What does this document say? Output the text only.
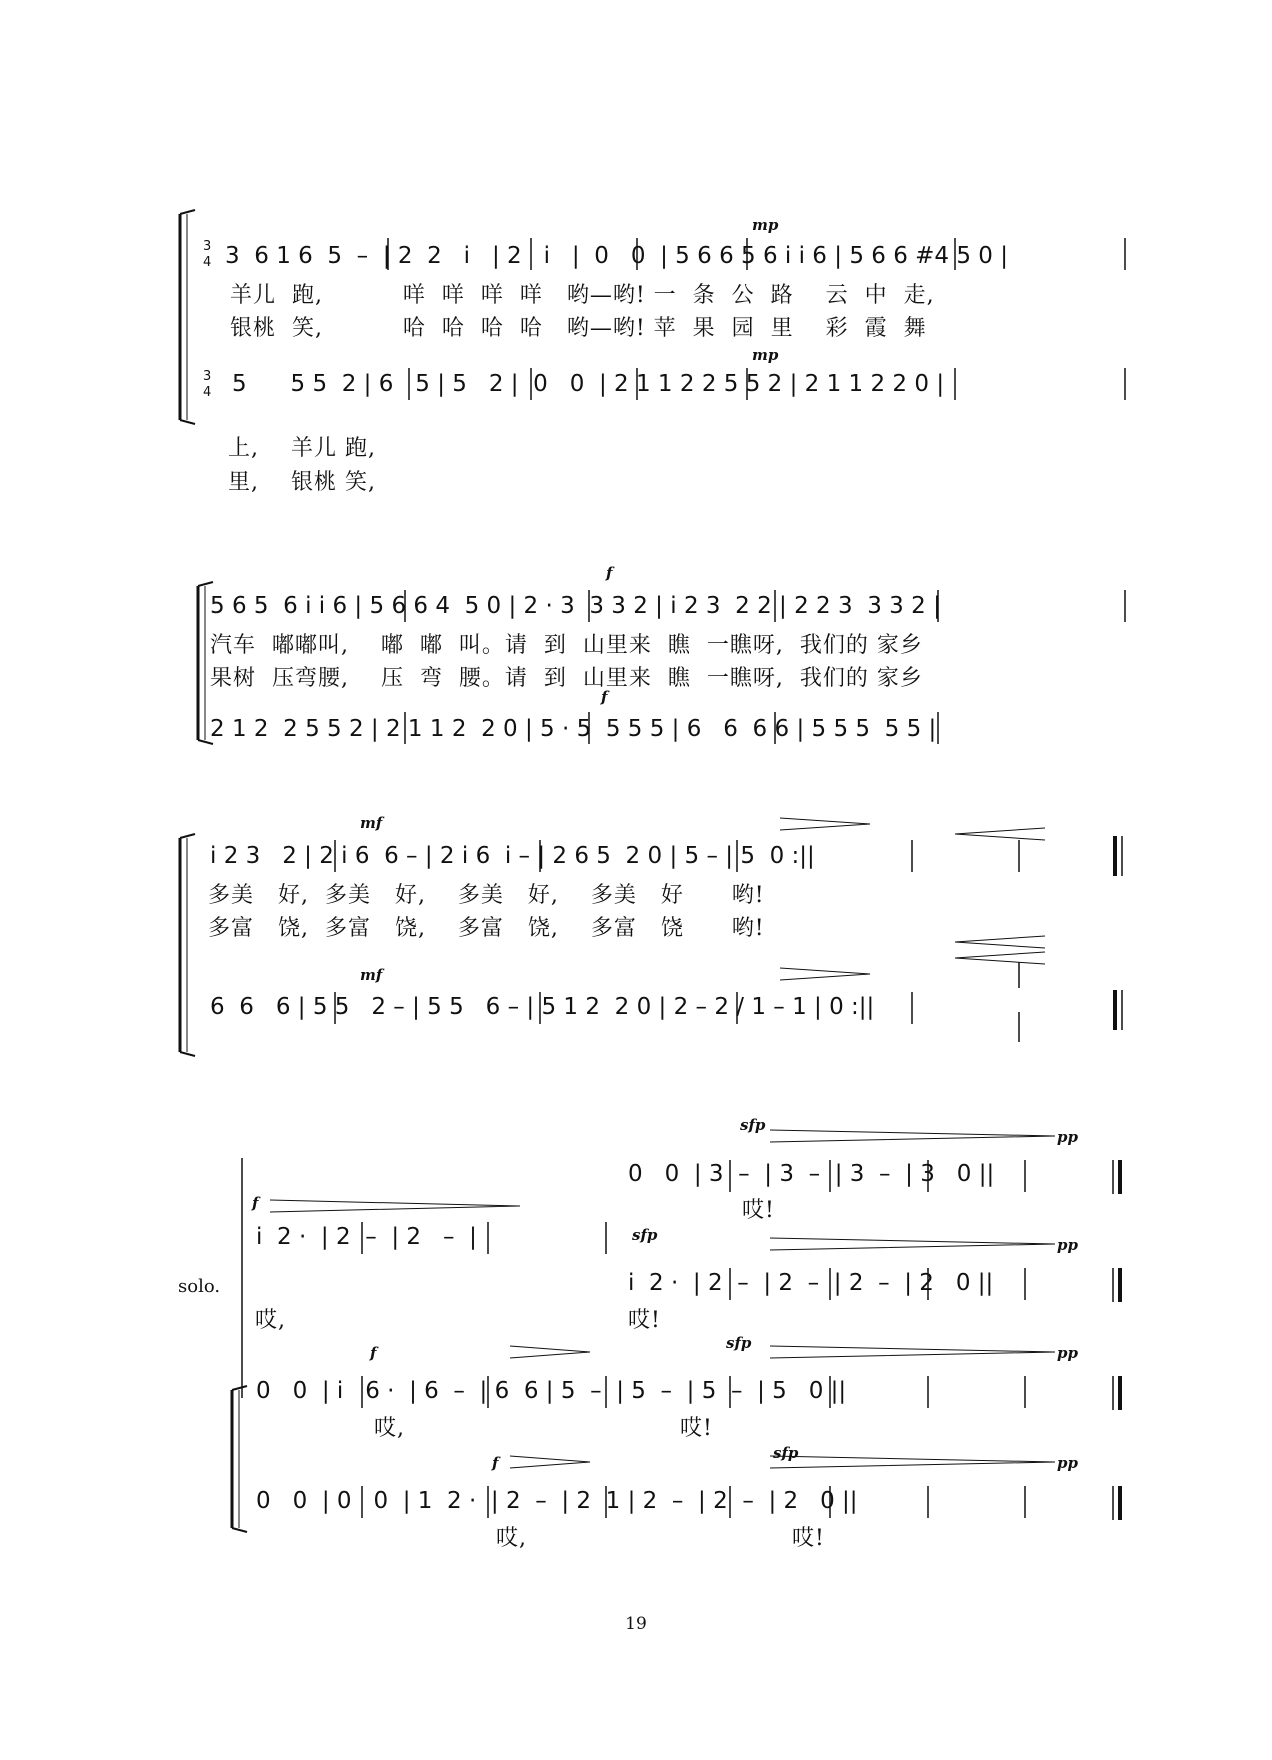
3
4 3  6 1 6  5  –  | 2  2   i   | 2   i   |  0   0  | 5 6 6 5 6 i i 6 | 5 6 6 #4 5 0 |
mp
羊儿  跑,          咩  咩  咩  咩   哟—哟! 一  条  公  路    云  中  走,
银桃  笑,          哈  哈  哈  哈   哟—哟! 苹  果  园  里    彩  霞  舞
3
4 5      5 5  2 | 6   5 | 5   2 |  0   0  | 2 1 1 2 2 5 5 2 | 2 1 1 2 2 0 |
mp
上,    羊儿 跑,
里,    银桃 笑,
5 6 5  6 i i 6 | 5 6 6 4  5 0 | 2 · 3  3 3 2 | i 2 3  2 2 | 2 2 3  3 3 2 |
f
汽车  嘟嘟叫,    嘟  嘟  叫。请  到  山里来  瞧  一瞧呀,  我们的 家乡
果树  压弯腰,    压  弯  腰。请  到  山里来  瞧  一瞧呀,  我们的 家乡
2 1 2  2 5 5 2 | 2 1 1 2  2 0 | 5 · 5  5 5 5 | 6   6  6 6 | 5 5 5  5 5 |
f
i 2 3   2 | 2 i 6  6 – | 2 i 6  i – | 2 6 5  2 0 | 5 – | 5  0 :||
mf
多美   好,  多美   好,    多美   好,    多美   好      哟!
多富   饶,  多富   饶,    多富   饶,    多富   饶      哟!
6  6   6 | 5 5   2 – | 5 5   6 – | 5 1 2  2 0 | 2 – 2 / 1 – 1 | 0 :||
mf
solo.
f
i  2 ·  | 2  –  | 2   –  |
哎,	哎!
sfp
pp
0   0  | 3  –  | 3  –  | 3  –  | 3   0 ||
哎!
sfp
pp
i  2 ·  | 2  –  | 2  –  | 2  –  | 2   0 ||
f
sfp
pp
0   0  | i   6 ·  | 6  –  | 6  6 | 5  –  | 5  –  | 5  –  | 5   0 ||
哎,	哎!
f
sfp
pp
0   0  | 0   0  | 1  2 ·  | 2  –  | 2  1 | 2  –  | 2  –  | 2   0 ||
哎,	哎!
19
